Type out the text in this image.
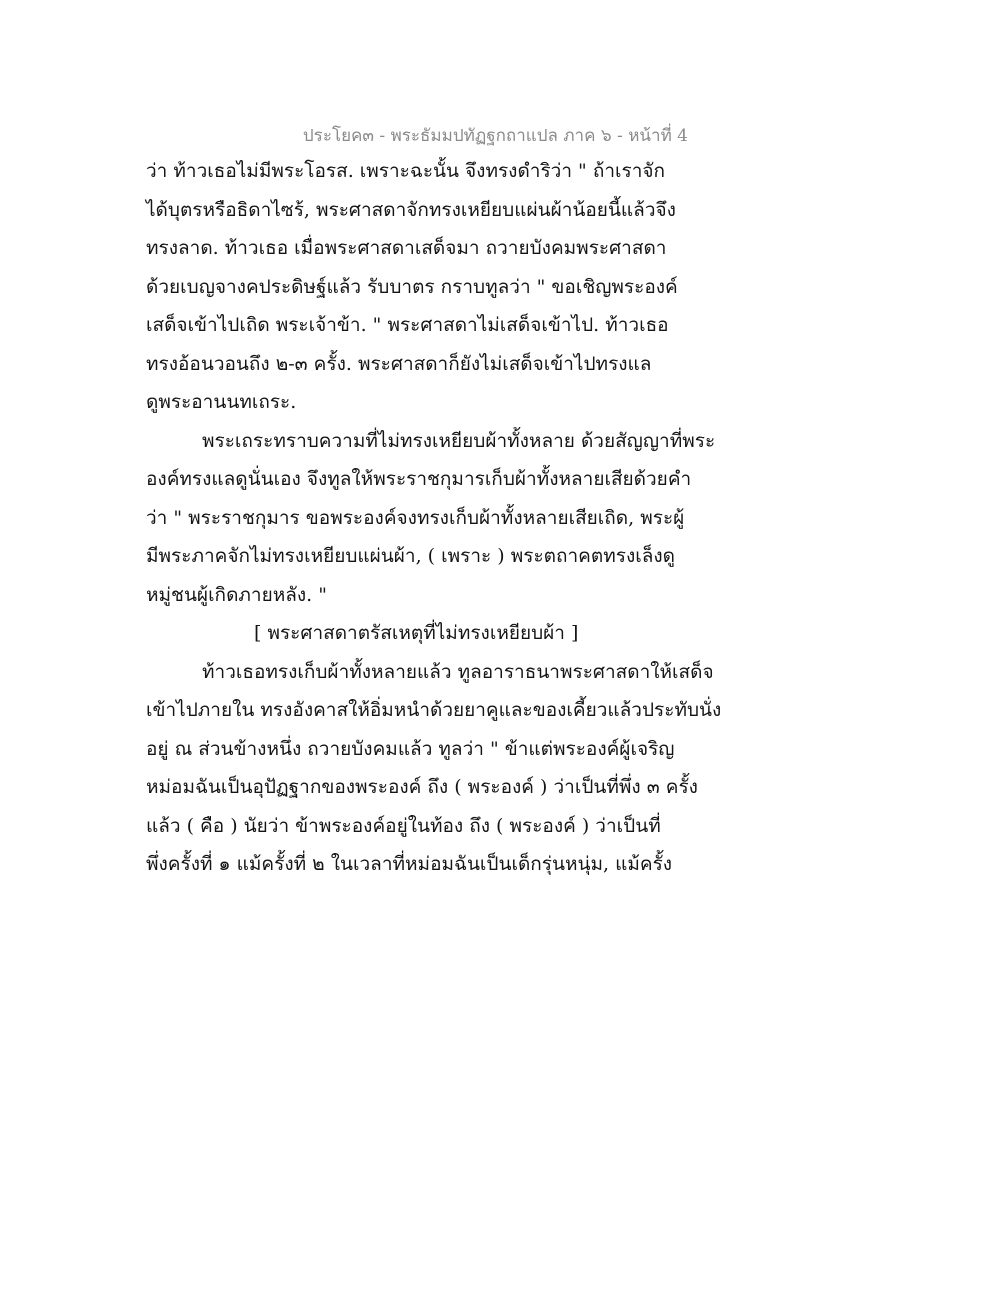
ประโยค๓ - พระธัมมปทัฏฐกถาแปล ภาค ๖ - หน้าที่ 4
ว่า ท้าวเธอไม่มีพระโอรส. เพราะฉะนั้น จึงทรงดำริว่า " ถ้าเราจัก
ได้บุตรหรือธิดาไซร้, พระศาสดาจักทรงเหยียบแผ่นผ้าน้อยนี้แล้วจึง
ทรงลาด. ท้าวเธอ เมื่อพระศาสดาเสด็จมา ถวายบังคมพระศาสดา
ด้วยเบญจางคประดิษฐ์แล้ว รับบาตร กราบทูลว่า " ขอเชิญพระองค์
เสด็จเข้าไปเถิด พระเจ้าข้า. " พระศาสดาไม่เสด็จเข้าไป. ท้าวเธอ
ทรงอ้อนวอนถึง ๒-๓ ครั้ง. พระศาสดาก็ยังไม่เสด็จเข้าไปทรงแล
ดูพระอานนทเถระ.
พระเถระทราบความที่ไม่ทรงเหยียบผ้าทั้งหลาย ด้วยสัญญาที่พระ
องค์ทรงแลดูนั่นเอง จึงทูลให้พระราชกุมารเก็บผ้าทั้งหลายเสียด้วยคำ
ว่า " พระราชกุมาร ขอพระองค์จงทรงเก็บผ้าทั้งหลายเสียเถิด, พระผู้
มีพระภาคจักไม่ทรงเหยียบแผ่นผ้า, ( เพราะ ) พระตถาคตทรงเล็งดู
หมู่ชนผู้เกิดภายหลัง. "
[ พระศาสดาตรัสเหตุที่ไม่ทรงเหยียบผ้า ]
ท้าวเธอทรงเก็บผ้าทั้งหลายแล้ว ทูลอาราธนาพระศาสดาให้เสด็จ
เข้าไปภายใน ทรงอังคาสให้อิ่มหนำด้วยยาคูและของเคี้ยวแล้วประทับนั่ง
อยู่ ณ ส่วนข้างหนึ่ง ถวายบังคมแล้ว ทูลว่า " ข้าแต่พระองค์ผู้เจริญ
หม่อมฉันเป็นอุปัฏฐากของพระองค์ ถึง ( พระองค์ ) ว่าเป็นที่พึ่ง ๓ ครั้ง
แล้ว ( คือ ) นัยว่า ข้าพระองค์อยู่ในท้อง ถึง ( พระองค์ ) ว่าเป็นที่
พึ่งครั้งที่ ๑ แม้ครั้งที่ ๒ ในเวลาที่หม่อมฉันเป็นเด็กรุ่นหนุ่ม, แม้ครั้ง
